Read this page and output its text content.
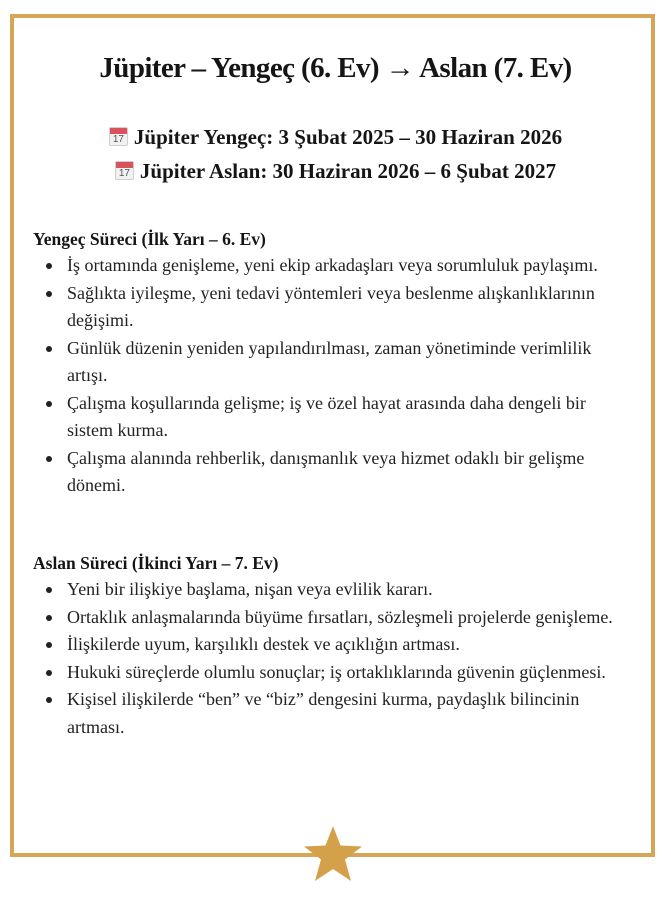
Jüpiter – Yengeç (6. Ev) → Aslan (7. Ev)
17 Jüpiter Yengeç: 3 Şubat 2025 – 30 Haziran 2026
17 Jüpiter Aslan: 30 Haziran 2026 – 6 Şubat 2027
Yengeç Süreci (İlk Yarı – 6. Ev)
İş ortamında genişleme, yeni ekip arkadaşları veya sorumluluk paylaşımı.
Sağlıkta iyileşme, yeni tedavi yöntemleri veya beslenme alışkanlıklarının değişimi.
Günlük düzenin yeniden yapılandırılması, zaman yönetiminde verimlilik artışı.
Çalışma koşullarında gelişme; iş ve özel hayat arasında daha dengeli bir sistem kurma.
Çalışma alanında rehberlik, danışmanlık veya hizmet odaklı bir gelişme dönemi.
Aslan Süreci (İkinci Yarı – 7. Ev)
Yeni bir ilişkiye başlama, nişan veya evlilik kararı.
Ortaklık anlaşmalarında büyüme fırsatları, sözleşmeli projelerde genişleme.
İlişkilerde uyum, karşılıklı destek ve açıklığın artması.
Hukuki süreçlerde olumlu sonuçlar; iş ortaklıklarında güvenin güçlenmesi.
Kişisel ilişkilerde “ben” ve “biz” dengesini kurma, paydaşlık bilincinin artması.
